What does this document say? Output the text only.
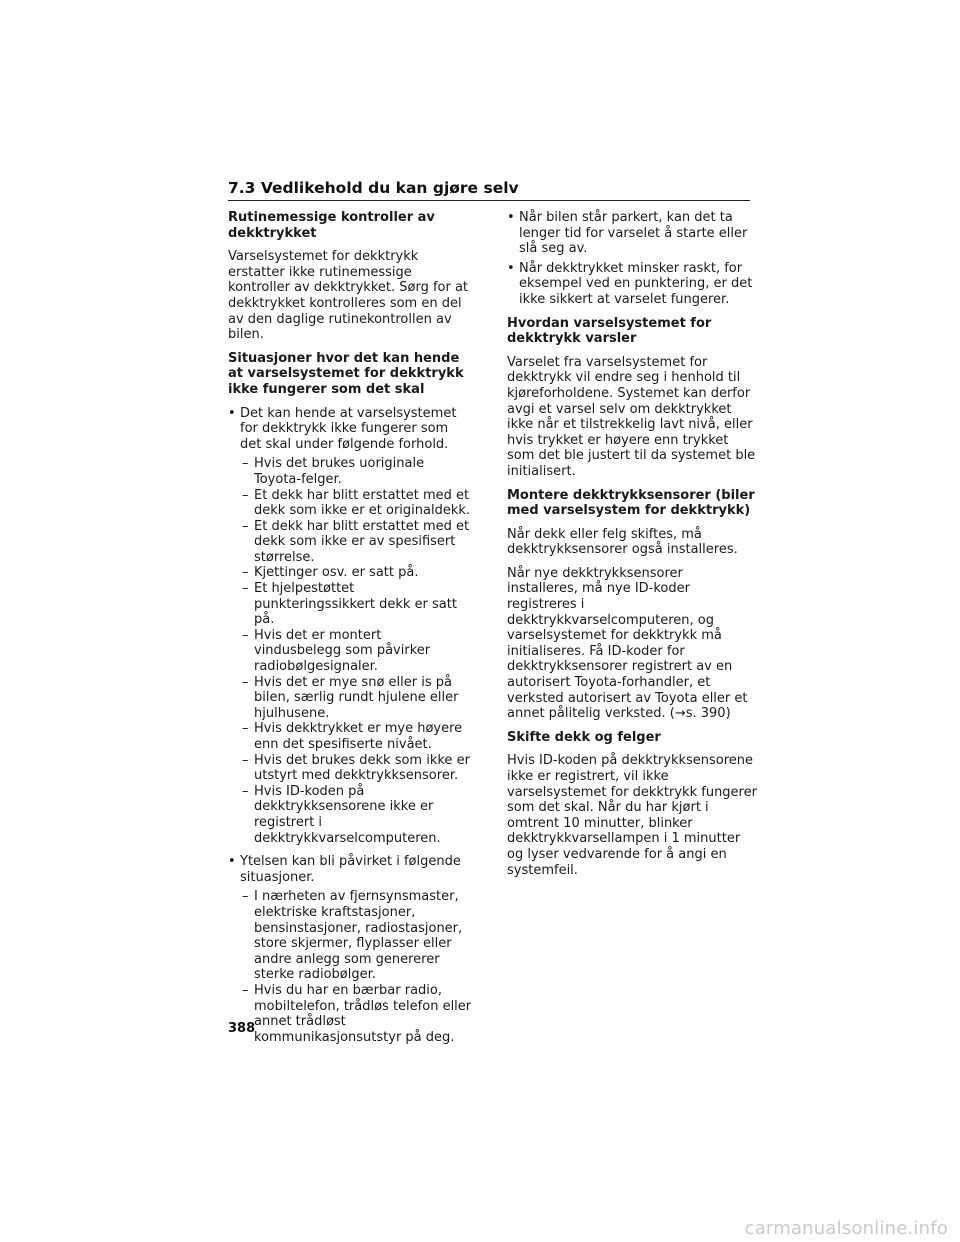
7.3 Vedlikehold du kan gjøre selv
Rutinemessige kontroller av dekktrykket
Varselsystemet for dekktrykk erstatter ikke rutinemessige kontroller av dekktrykket. Sørg for at dekktrykket kontrolleres som en del av den daglige rutinekontrollen av bilen.
Situasjoner hvor det kan hende at varselsystemet for dekktrykk ikke fungerer som det skal
• Det kan hende at varselsystemet for dekktrykk ikke fungerer som det skal under følgende forhold.
– Hvis det brukes uoriginale Toyota-felger.
– Et dekk har blitt erstattet med et dekk som ikke er et originaldekk.
– Et dekk har blitt erstattet med et dekk som ikke er av spesifisert størrelse.
– Kjettinger osv. er satt på.
– Et hjelpestøttet punkteringssikkert dekk er satt på.
– Hvis det er montert vindusbelegg som påvirker radiobølgesignaler.
– Hvis det er mye snø eller is på bilen, særlig rundt hjulene eller hjulhusene.
– Hvis dekktrykket er mye høyere enn det spesifiserte nivået.
– Hvis det brukes dekk som ikke er utstyrt med dekktrykksensorer.
– Hvis ID-koden på dekktrykksensorene ikke er registrert i dekktrykkvarselcomputeren.
• Ytelsen kan bli påvirket i følgende situasjoner.
– I nærheten av fjernsynsmaster, elektriske kraftstasjoner, bensinstasjoner, radiostasjoner, store skjermer, flyplasser eller andre anlegg som genererer sterke radiobølger.
– Hvis du har en bærbar radio, mobiltelefon, trådløs telefon eller annet trådløst kommunikasjonsutstyr på deg.
• Når bilen står parkert, kan det ta lenger tid for varselet å starte eller slå seg av.
• Når dekktrykket minsker raskt, for eksempel ved en punktering, er det ikke sikkert at varselet fungerer.
Hvordan varselsystemet for dekktrykk varsler
Varselet fra varselsystemet for dekktrykk vil endre seg i henhold til kjøreforholdene. Systemet kan derfor avgi et varsel selv om dekktrykket ikke når et tilstrekkelig lavt nivå, eller hvis trykket er høyere enn trykket som det ble justert til da systemet ble initialisert.
Montere dekktrykksensorer (biler med varselsystem for dekktrykk)
Når dekk eller felg skiftes, må dekktrykksensorer også installeres.
Når nye dekktrykksensorer installeres, må nye ID-koder registreres i dekktrykkvarselcomputeren, og varselsystemet for dekktrykk må initialiseres. Få ID-koder for dekktrykksensorer registrert av en autorisert Toyota-forhandler, et verksted autorisert av Toyota eller et annet pålitelig verksted. (→s. 390)
Skifte dekk og felger
Hvis ID-koden på dekktrykksensorene ikke er registrert, vil ikke varselsystemet for dekktrykk fungerer som det skal. Når du har kjørt i omtrent 10 minutter, blinker dekktrykkvarsellampen i 1 minutter og lyser vedvarende for å angi en systemfeil.
388
carmanualsonline.info
